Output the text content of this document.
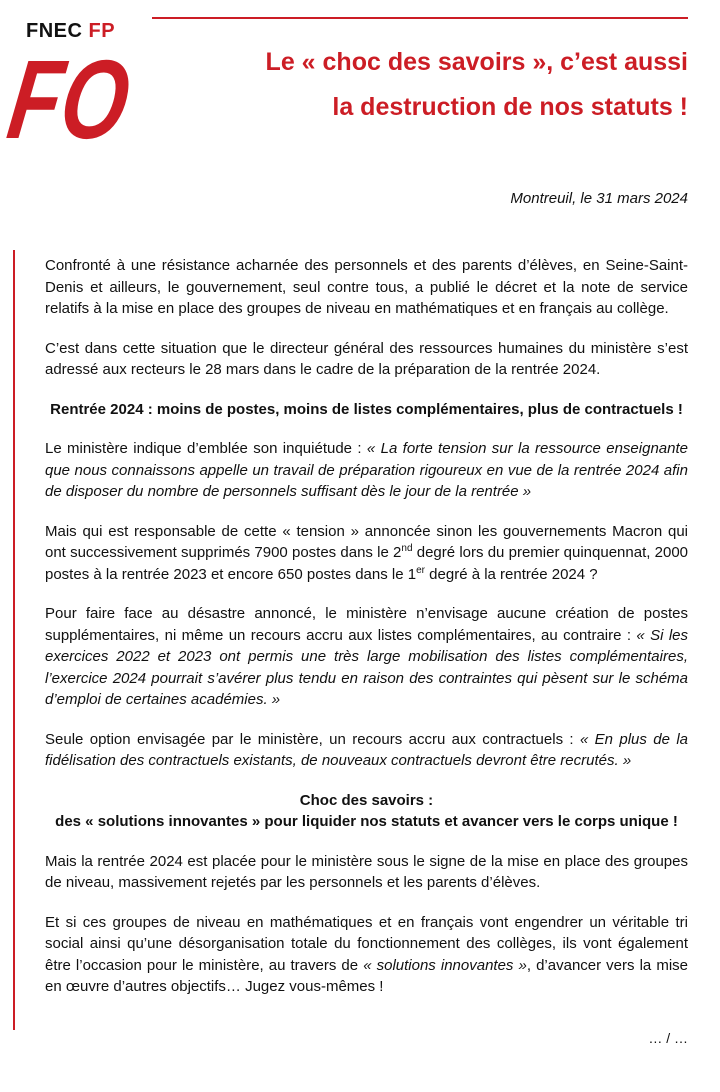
FNEC FP
FO	Le « choc des savoirs », c’est aussi
la destruction de nos statuts !
Montreuil, le 31 mars 2024

Confronté à une résistance acharnée des personnels et des parents d’élèves, en Seine-Saint-Denis et ailleurs, le gouvernement, seul contre tous, a publié le décret et la note de service relatifs à la mise en place des groupes de niveau en mathématiques et en français au collège.

C’est dans cette situation que le directeur général des ressources humaines du ministère s’est adressé aux recteurs le 28 mars dans le cadre de la préparation de la rentrée 2024.

Rentrée 2024 : moins de postes, moins de listes complémentaires, plus de contractuels !

Le ministère indique d’emblée son inquiétude : « La forte tension sur la ressource enseignante que nous connaissons appelle un travail de préparation rigoureux en vue de la rentrée 2024 afin de disposer du nombre de personnels suffisant dès le jour de la rentrée »

Mais qui est responsable de cette « tension » annoncée sinon les gouvernements Macron qui ont successivement supprimés 7900 postes dans le 2nd degré lors du premier quinquennat, 2000 postes à la rentrée 2023 et encore 650 postes dans le 1er degré à la rentrée 2024 ?

Pour faire face au désastre annoncé, le ministère n’envisage aucune création de postes supplémentaires, ni même un recours accru aux listes complémentaires, au contraire : « Si les exercices 2022 et 2023 ont permis une très large mobilisation des listes complémentaires, l’exercice 2024 pourrait s’avérer plus tendu en raison des contraintes qui pèsent sur le schéma d’emploi de certaines académies. »

Seule option envisagée par le ministère, un recours accru aux contractuels : « En plus de la fidélisation des contractuels existants, de nouveaux contractuels devront être recrutés. »

Choc des savoirs :
des « solutions innovantes » pour liquider nos statuts et avancer vers le corps unique !

Mais la rentrée 2024 est placée pour le ministère sous le signe de la mise en place des groupes de niveau, massivement rejetés par les personnels et les parents d’élèves.

Et si ces groupes de niveau en mathématiques et en français vont engendrer un véritable tri social ainsi qu’une désorganisation totale du fonctionnement des collèges, ils vont également être l’occasion pour le ministère, au travers de « solutions innovantes », d’avancer vers la mise en œuvre d’autres objectifs… Jugez vous-mêmes !

… / …
